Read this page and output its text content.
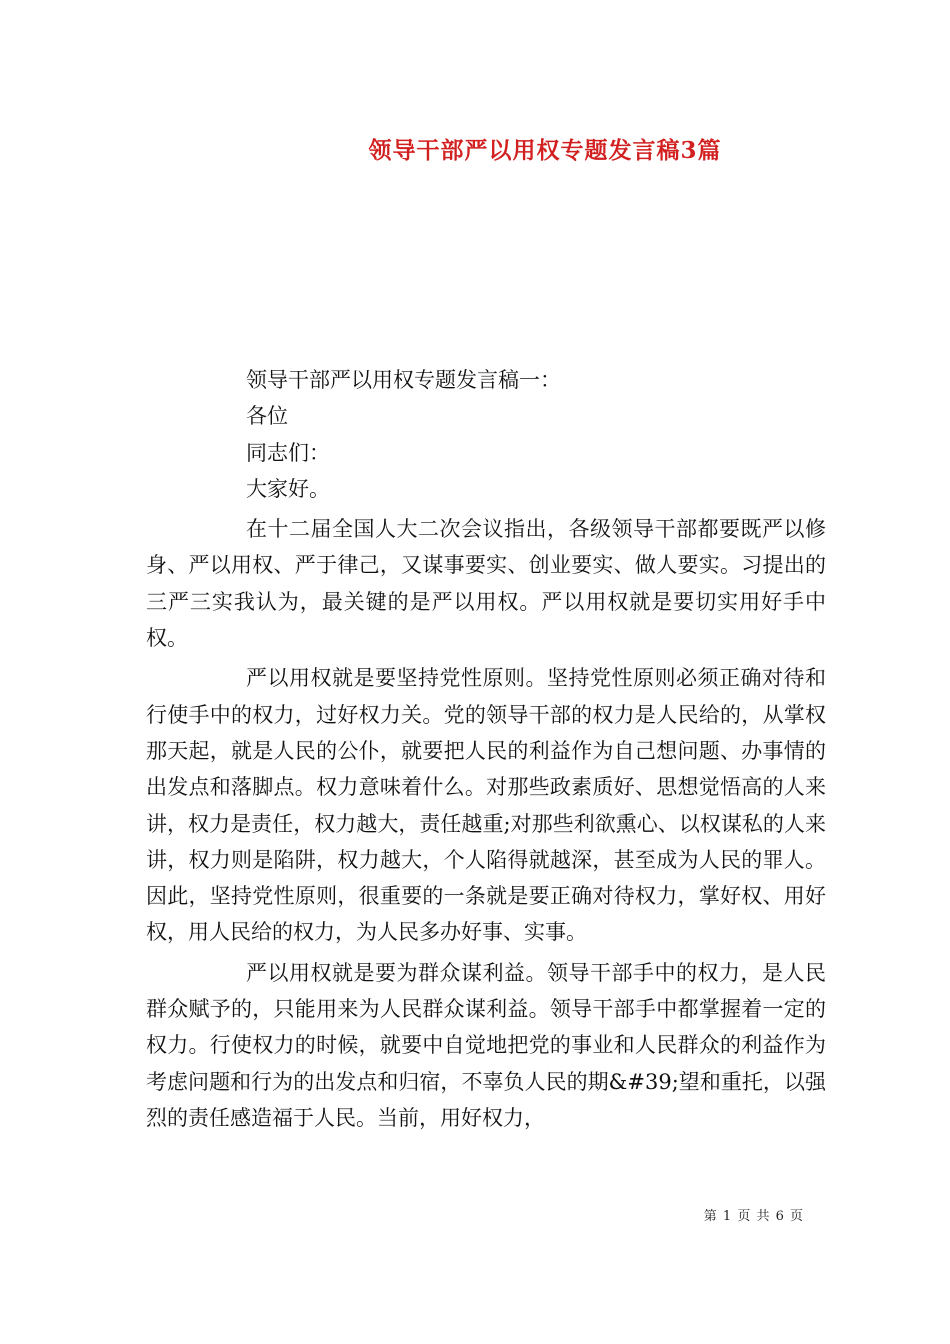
领导干部严以用权专题发言稿3篇

领导干部严以用权专题发言稿一：

各位

同志们：

大家好。

在十二届全国人大二次会议指出，各级领导干部都要既严以修身、严以用权、严于律己，又谋事要实、创业要实、做人要实。习提出的三严三实我认为，最关键的是严以用权。严以用权就是要切实用好手中权。

严以用权就是要坚持党性原则。坚持党性原则必须正确对待和行使手中的权力，过好权力关。党的领导干部的权力是人民给的，从掌权那天起，就是人民的公仆，就要把人民的利益作为自己想问题、办事情的出发点和落脚点。权力意味着什么。对那些政素质好、思想觉悟高的人来讲，权力是责任，权力越大，责任越重;对那些利欲熏心、以权谋私的人来讲，权力则是陷阱，权力越大，个人陷得就越深，甚至成为人民的罪人。因此，坚持党性原则，很重要的一条就是要正确对待权力，掌好权、用好权，用人民给的权力，为人民多办好事、实事。

严以用权就是要为群众谋利益。领导干部手中的权力，是人民群众赋予的，只能用来为人民群众谋利益。领导干部手中都掌握着一定的权力。行使权力的时候，就要中自觉地把党的事业和人民群众的利益作为考虑问题和行为的出发点和归宿，不辜负人民的期&#39;望和重托，以强烈的责任感造福于人民。当前，用好权力，

第 1 页 共 6 页
